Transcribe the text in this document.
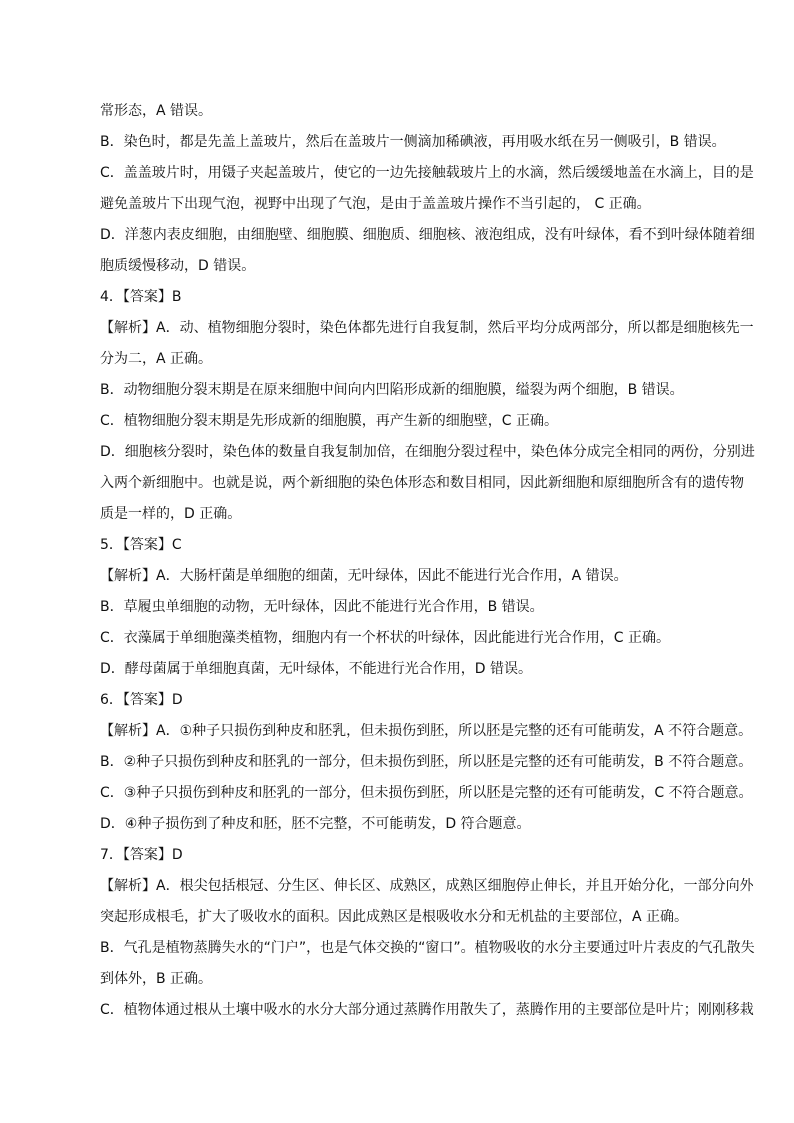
常形态，A 错误。
B．染色时，都是先盖上盖玻片，然后在盖玻片一侧滴加稀碘液，再用吸水纸在另一侧吸引，B 错误。
C．盖盖玻片时，用镊子夹起盖玻片，使它的一边先接触载玻片上的水滴，然后缓缓地盖在水滴上，目的是
避免盖玻片下出现气泡，视野中出现了气泡，是由于盖盖玻片操作不当引起的， C 正确。
D．洋葱内表皮细胞，由细胞壁、细胞膜、细胞质、细胞核、液泡组成，没有叶绿体，看不到叶绿体随着细
胞质缓慢移动，D 错误。
4．【答案】B
【解析】A．动、植物细胞分裂时，染色体都先进行自我复制，然后平均分成两部分，所以都是细胞核先一
分为二，A 正确。
B．动物细胞分裂末期是在原来细胞中间向内凹陷形成新的细胞膜，缢裂为两个细胞，B 错误。
C．植物细胞分裂末期是先形成新的细胞膜，再产生新的细胞壁，C 正确。
D．细胞核分裂时，染色体的数量自我复制加倍，在细胞分裂过程中，染色体分成完全相同的两份，分别进
入两个新细胞中。也就是说，两个新细胞的染色体形态和数目相同，因此新细胞和原细胞所含有的遗传物
质是一样的，D 正确。
5．【答案】C
【解析】A．大肠杆菌是单细胞的细菌，无叶绿体，因此不能进行光合作用，A 错误。
B．草履虫单细胞的动物，无叶绿体，因此不能进行光合作用，B 错误。
C．衣藻属于单细胞藻类植物，细胞内有一个杯状的叶绿体，因此能进行光合作用，C 正确。
D．酵母菌属于单细胞真菌，无叶绿体，不能进行光合作用，D 错误。
6．【答案】D
【解析】A．①种子只损伤到种皮和胚乳，但未损伤到胚，所以胚是完整的还有可能萌发，A 不符合题意。
B．②种子只损伤到种皮和胚乳的一部分，但未损伤到胚，所以胚是完整的还有可能萌发，B 不符合题意。
C．③种子只损伤到种皮和胚乳的一部分，但未损伤到胚，所以胚是完整的还有可能萌发，C 不符合题意。
D．④种子损伤到了种皮和胚，胚不完整，不可能萌发，D 符合题意。
7．【答案】D
【解析】A．根尖包括根冠、分生区、伸长区、成熟区，成熟区细胞停止伸长，并且开始分化，一部分向外
突起形成根毛，扩大了吸收水的面积。因此成熟区是根吸收水分和无机盐的主要部位，A 正确。
B．气孔是植物蒸腾失水的“门户”，也是气体交换的“窗口”。植物吸收的水分主要通过叶片表皮的气孔散失
到体外，B 正确。
C．植物体通过根从土壤中吸水的水分大部分通过蒸腾作用散失了，蒸腾作用的主要部位是叶片；刚刚移栽
